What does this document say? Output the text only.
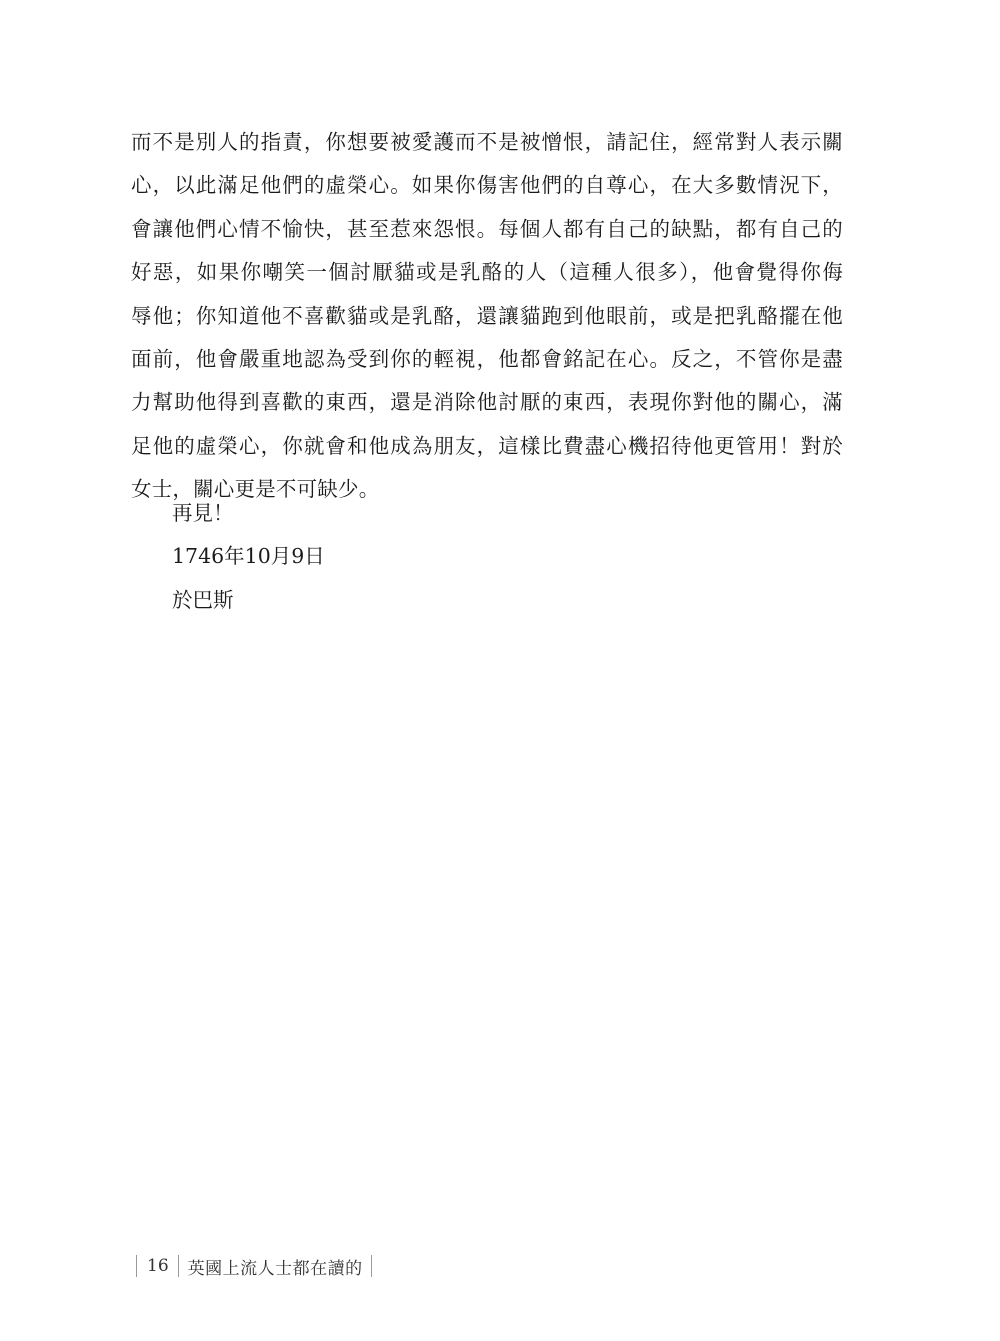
而不是別人的指責，你想要被愛護而不是被憎恨，請記住，經常對人表示關
心，以此滿足他們的虛榮心。如果你傷害他們的自尊心，在大多數情況下，
會讓他們心情不愉快，甚至惹來怨恨。每個人都有自己的缺點，都有自己的
好惡，如果你嘲笑一個討厭貓或是乳酪的人（這種人很多），他會覺得你侮
辱他；你知道他不喜歡貓或是乳酪，還讓貓跑到他眼前，或是把乳酪擺在他
面前，他會嚴重地認為受到你的輕視，他都會銘記在心。反之，不管你是盡
力幫助他得到喜歡的東西，還是消除他討厭的東西，表現你對他的關心，滿
足他的虛榮心，你就會和他成為朋友，這樣比費盡心機招待他更管用！對於
女士，關心更是不可缺少。
再見！
1746年10月9日
於巴斯
16	英國上流人士都在讀的
